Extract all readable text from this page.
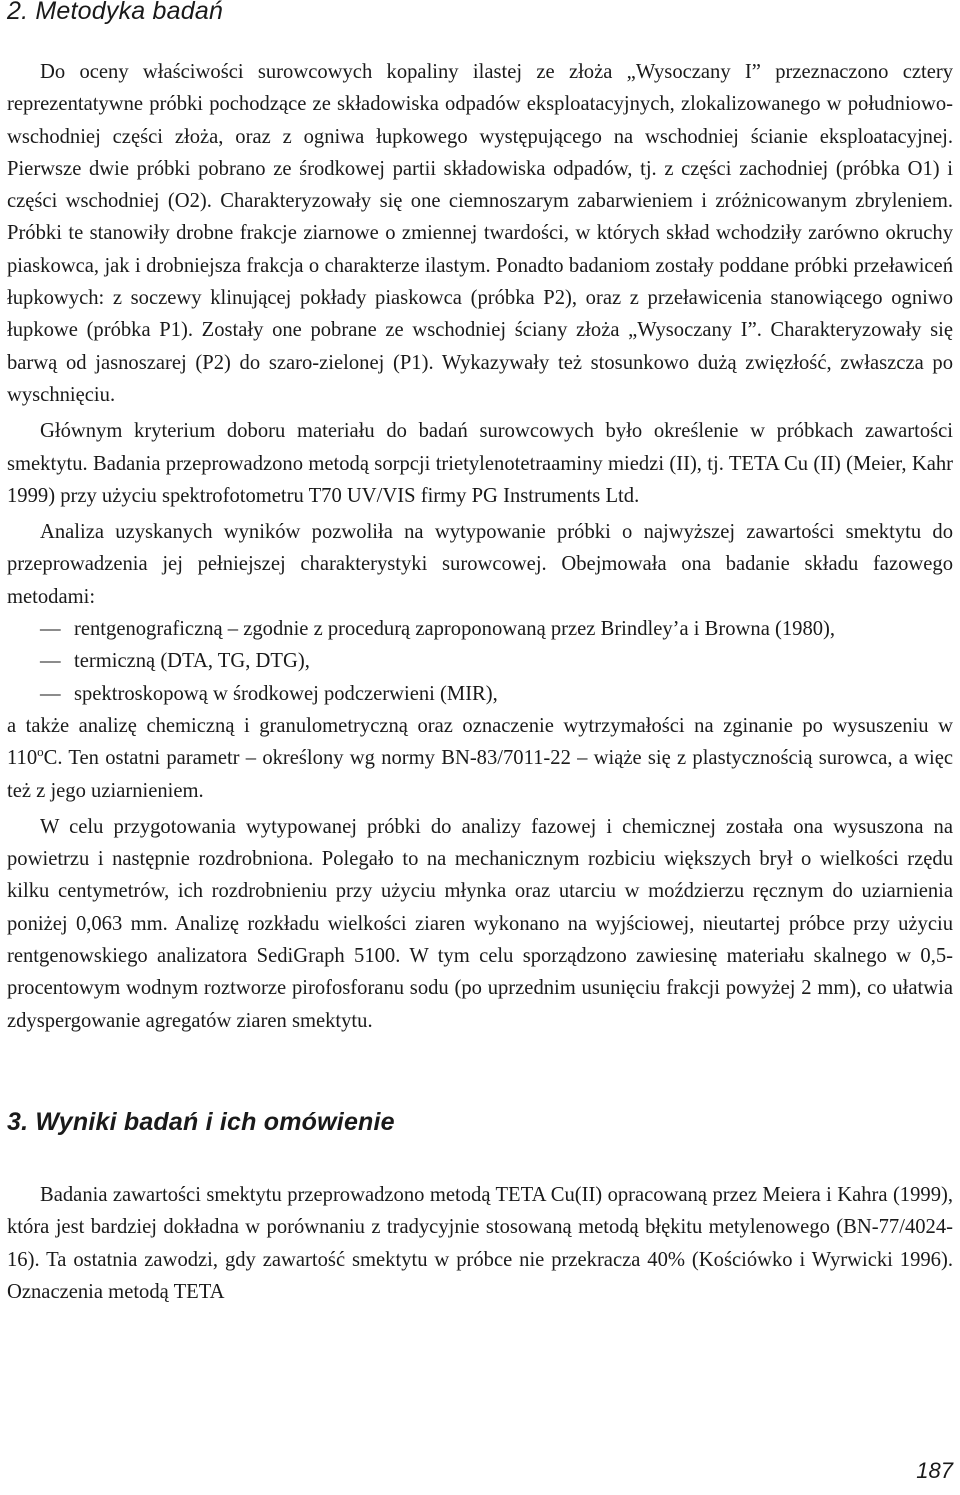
2. Metodyka badań

Do oceny właściwości surowcowych kopaliny ilastej ze złoża „Wysoczany I” przeznaczono cztery reprezentatywne próbki pochodzące ze składowiska odpadów eksploatacyjnych, zlokalizowanego w południowo-wschodniej części złoża, oraz z ogniwa łupkowego występującego na wschodniej ścianie eksploatacyjnej. Pierwsze dwie próbki pobrano ze środkowej partii składowiska odpadów, tj. z części zachodniej (próbka O1) i części wschodniej (O2). Charakteryzowały się one ciemnoszarym zabarwieniem i zróżnicowanym zbryleniem. Próbki te stanowiły drobne frakcje ziarnowe o zmiennej twardości, w których skład wchodziły zarówno okruchy piaskowca, jak i drobniejsza frakcja o charakterze ilastym. Ponadto badaniom zostały poddane próbki przeławiceń łupkowych: z soczewy klinującej pokłady piaskowca (próbka P2), oraz z przeławicenia stanowiącego ogniwo łupkowe (próbka P1). Zostały one pobrane ze wschodniej ściany złoża „Wysoczany I”. Charakteryzowały się barwą od jasnoszarej (P2) do szaro-zielonej (P1). Wykazywały też stosunkowo dużą zwięzłość, zwłaszcza po wyschnięciu.

Głównym kryterium doboru materiału do badań surowcowych było określenie w próbkach zawartości smektytu. Badania przeprowadzono metodą sorpcji trietylenotetraaminy miedzi (II), tj. TETA Cu (II) (Meier, Kahr 1999) przy użyciu spektrofotometru T70 UV/VIS firmy PG Instruments Ltd.

Analiza uzyskanych wyników pozwoliła na wytypowanie próbki o najwyższej zawartości smektytu do przeprowadzenia jej pełniejszej charakterystyki surowcowej. Obejmowała ona badanie składu fazowego metodami:

— rentgenograficzną – zgodnie z procedurą zaproponowaną przez Brindley’a i Browna (1980),
— termiczną (DTA, TG, DTG),
— spektroskopową w środkowej podczerwieni (MIR),

a także analizę chemiczną i granulometryczną oraz oznaczenie wytrzymałości na zginanie po wysuszeniu w 110$^o$C. Ten ostatni parametr – określony wg normy BN-83/7011-22 – wiąże się z plastycznością surowca, a więc też z jego uziarnieniem.

W celu przygotowania wytypowanej próbki do analizy fazowej i chemicznej została ona wysuszona na powietrzu i następnie rozdrobniona. Polegało to na mechanicznym rozbiciu większych brył o wielkości rzędu kilku centymetrów, ich rozdrobnieniu przy użyciu młynka oraz utarciu w moździerzu ręcznym do uziarnienia poniżej 0,063 mm. Analizę rozkładu wielkości ziaren wykonano na wyjściowej, nieutartej próbce przy użyciu rentgenowskiego analizatora SediGraph 5100. W tym celu sporządzono zawiesinę materiału skalnego w 0,5-procentowym wodnym roztworze pirofosforanu sodu (po uprzednim usunięciu frakcji powyżej 2 mm), co ułatwia zdyspergowanie agregatów ziaren smektytu.

3. Wyniki badań i ich omówienie

Badania zawartości smektytu przeprowadzono metodą TETA Cu(II) opracowaną przez Meiera i Kahra (1999), która jest bardziej dokładna w porównaniu z tradycyjnie stosowaną metodą błękitu metylenowego (BN-77/4024-16). Ta ostatnia zawodzi, gdy zawartość smektytu w próbce nie przekracza 40% (Kościówko i Wyrwicki 1996). Oznaczenia metodą TETA

187
